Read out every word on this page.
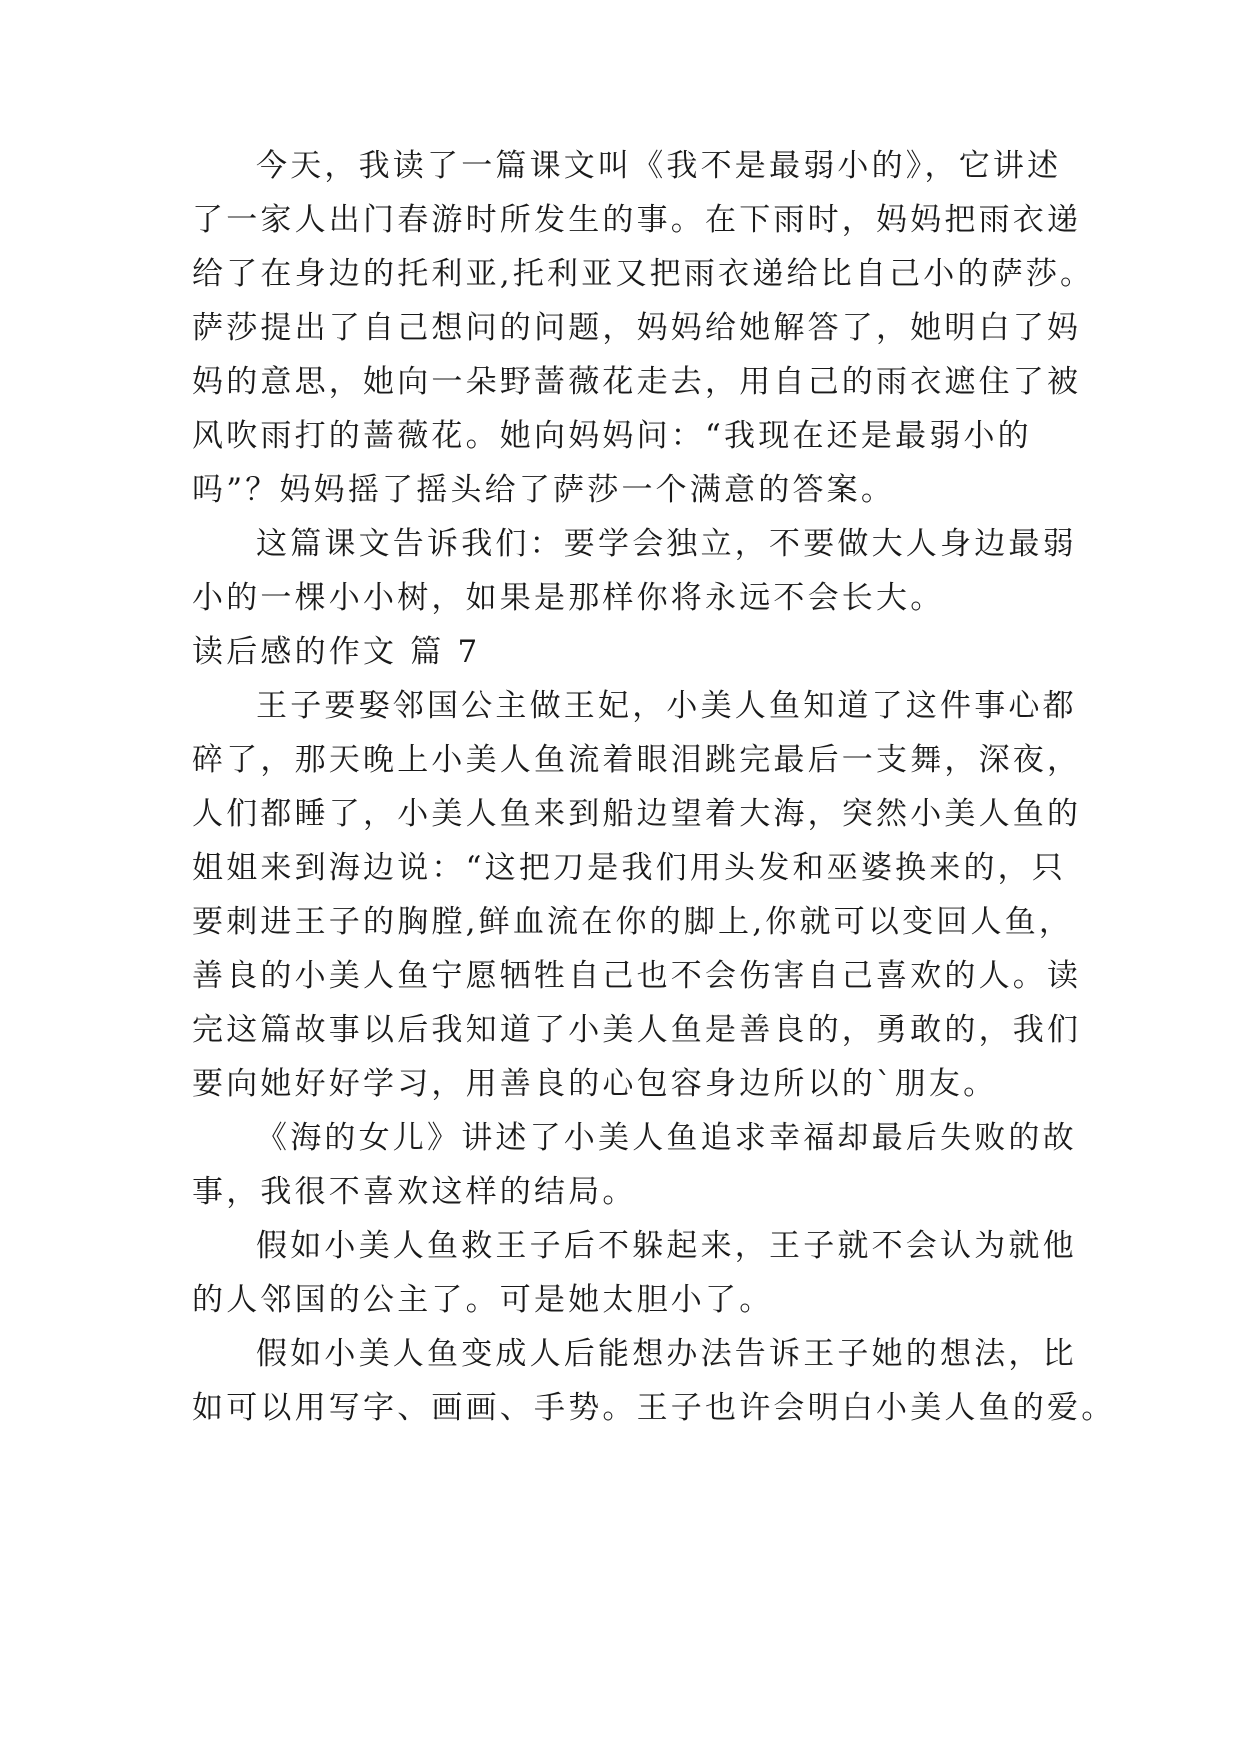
今天，我读了一篇课文叫《我不是最弱小的》，它讲述
了一家人出门春游时所发生的事。在下雨时，妈妈把雨衣递
给了在身边的托利亚,托利亚又把雨衣递给比自己小的萨莎。
萨莎提出了自己想问的问题，妈妈给她解答了，她明白了妈
妈的意思，她向一朵野蔷薇花走去，用自己的雨衣遮住了被
风吹雨打的蔷薇花。她向妈妈问：“我现在还是最弱小的
吗”？妈妈摇了摇头给了萨莎一个满意的答案。
这篇课文告诉我们：要学会独立，不要做大人身边最弱
小的一棵小小树，如果是那样你将永远不会长大。
读后感的作文 篇 7
王子要娶邻国公主做王妃，小美人鱼知道了这件事心都
碎了，那天晚上小美人鱼流着眼泪跳完最后一支舞，深夜，
人们都睡了，小美人鱼来到船边望着大海，突然小美人鱼的
姐姐来到海边说：“这把刀是我们用头发和巫婆换来的，只
要刺进王子的胸膛,鲜血流在你的脚上,你就可以变回人鱼，
善良的小美人鱼宁愿牺牲自己也不会伤害自己喜欢的人。读
完这篇故事以后我知道了小美人鱼是善良的，勇敢的，我们
要向她好好学习，用善良的心包容身边所以的`朋友。
《海的女儿》讲述了小美人鱼追求幸福却最后失败的故
事，我很不喜欢这样的结局。
假如小美人鱼救王子后不躲起来，王子就不会认为就他
的人邻国的公主了。可是她太胆小了。
假如小美人鱼变成人后能想办法告诉王子她的想法，比
如可以用写字、画画、手势。王子也许会明白小美人鱼的爱。
